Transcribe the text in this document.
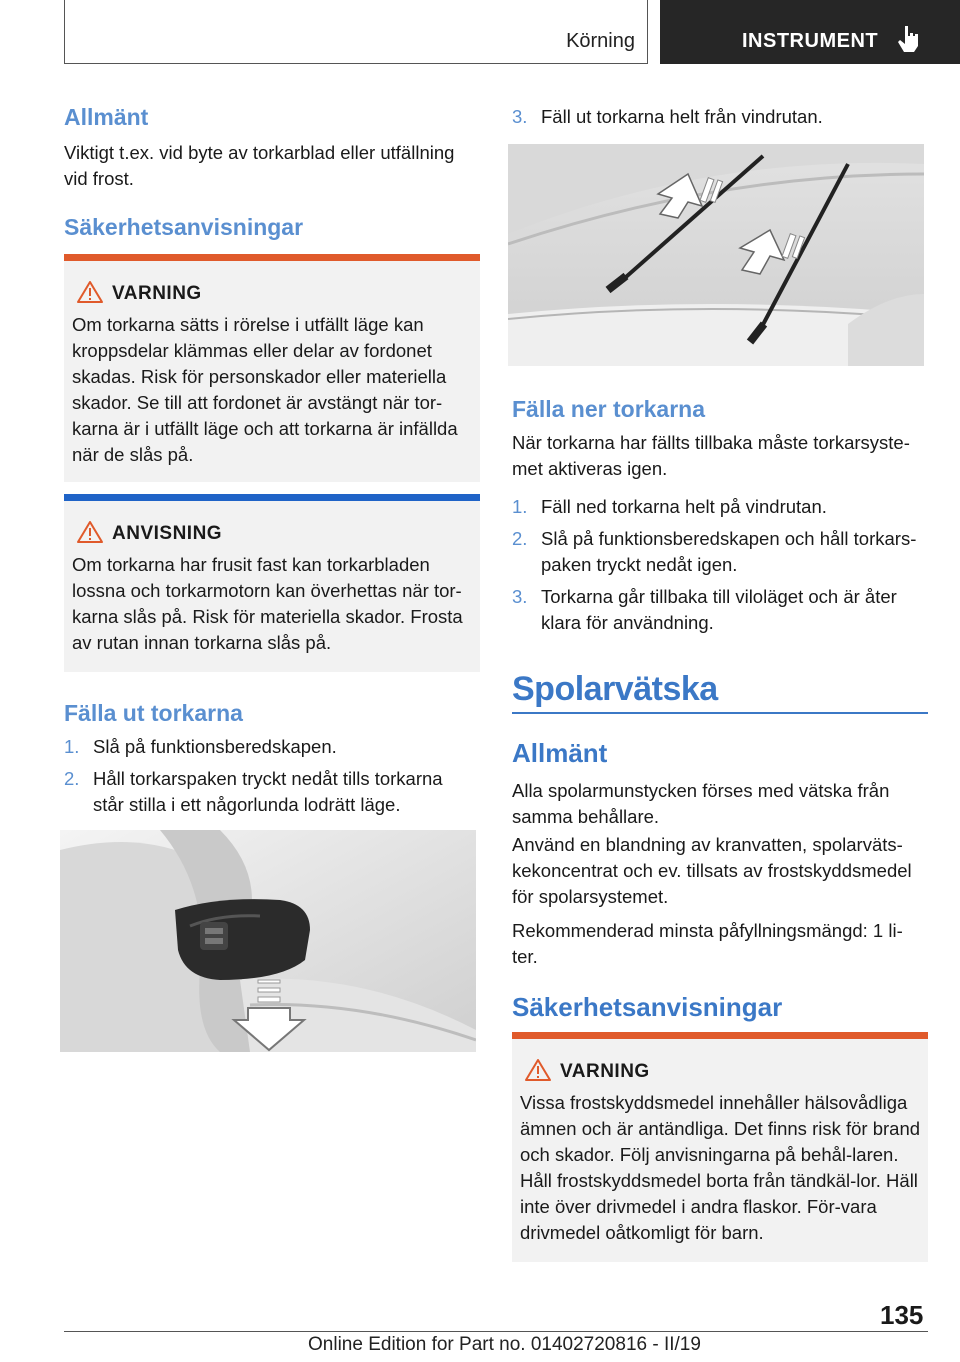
Körning	INSTRUMENT
Allmänt

Viktigt t.ex. vid byte av torkarblad eller utfällning vid frost.

Säkerhetsanvisningar
VARNING

Om torkarna sätts i rörelse i utfällt läge kan kroppsdelar klämmas eller delar av fordonet skadas. Risk för personskador eller materiella skador. Se till att fordonet är avstängt när tor-karna är i utfällt läge och att torkarna är infällda när de slås på.

ANVISNING

Om torkarna har frusit fast kan torkarbladen lossna och torkarmotorn kan överhettas när tor-karna slås på. Risk för materiella skador. Frosta av rutan innan torkarna slås på.

Fälla ut torkarna
1. Slå på funktionsberedskapen.
2. Håll torkarspaken tryckt nedåt tills torkarna står stilla i ett någorlunda lodrätt läge.
3. Fäll ut torkarna helt från vindrutan.
Fälla ner torkarna

När torkarna har fällts tillbaka måste torkarsyste-met aktiveras igen.

1. Fäll ned torkarna helt på vindrutan.
2. Slå på funktionsberedskapen och håll torkars-paken tryckt nedåt igen.
3. Torkarna går tillbaka till viloläget och är åter klara för användning.
Spolarvätska
Allmänt

Alla spolarmunstycken förses med vätska från samma behållare.

Använd en blandning av kranvatten, spolarväts-kekoncentrat och ev. tillsats av frostskyddsmedel för spolarsystemet.

Rekommenderad minsta påfyllningsmängd: 1 li-ter.

Säkerhetsanvisningar
VARNING

Vissa frostskyddsmedel innehåller hälsovådliga ämnen och är antändliga. Det finns risk för brand och skador. Följ anvisningarna på behål-laren. Håll frostskyddsmedel borta från tändkäl-lor. Häll inte över drivmedel i andra flaskor. För-vara drivmedel oåtkomligt för barn.

135
Online Edition for Part no. 01402720816 - II/19
